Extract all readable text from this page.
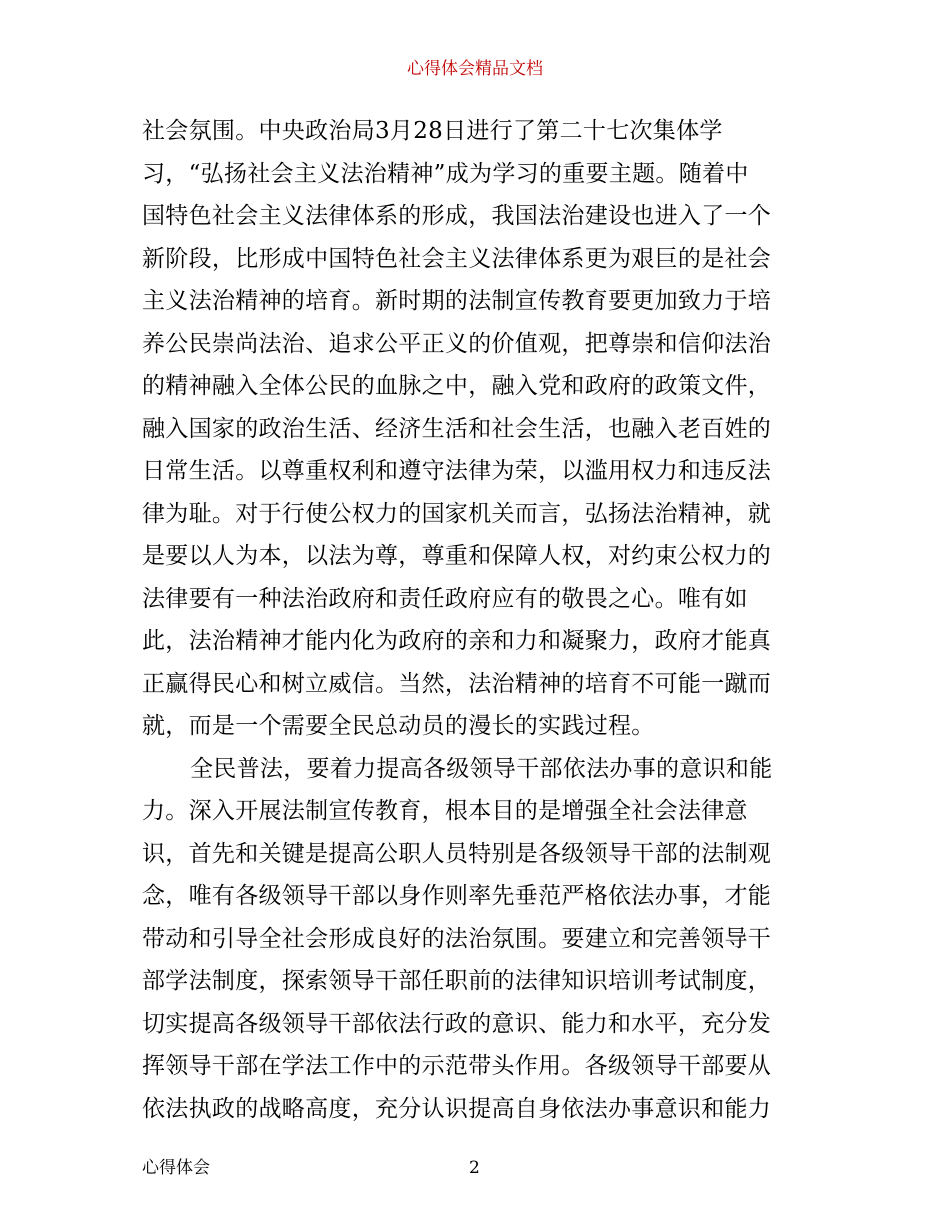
心得体会精品文档
社会氛围。中央政治局3月28日进行了第二十七次集体学
习，“弘扬社会主义法治精神”成为学习的重要主题。随着中
国特色社会主义法律体系的形成，我国法治建设也进入了一个
新阶段，比形成中国特色社会主义法律体系更为艰巨的是社会
主义法治精神的培育。新时期的法制宣传教育要更加致力于培
养公民崇尚法治、追求公平正义的价值观，把尊崇和信仰法治
的精神融入全体公民的血脉之中，融入党和政府的政策文件，
融入国家的政治生活、经济生活和社会生活，也融入老百姓的
日常生活。以尊重权利和遵守法律为荣，以滥用权力和违反法
律为耻。对于行使公权力的国家机关而言，弘扬法治精神，就
是要以人为本，以法为尊，尊重和保障人权，对约束公权力的
法律要有一种法治政府和责任政府应有的敬畏之心。唯有如
此，法治精神才能内化为政府的亲和力和凝聚力，政府才能真
正赢得民心和树立威信。当然，法治精神的培育不可能一蹴而
就，而是一个需要全民总动员的漫长的实践过程。
全民普法，要着力提高各级领导干部依法办事的意识和能
力。深入开展法制宣传教育，根本目的是增强全社会法律意
识，首先和关键是提高公职人员特别是各级领导干部的法制观
念，唯有各级领导干部以身作则率先垂范严格依法办事，才能
带动和引导全社会形成良好的法治氛围。要建立和完善领导干
部学法制度，探索领导干部任职前的法律知识培训考试制度，
切实提高各级领导干部依法行政的意识、能力和水平，充分发
挥领导干部在学法工作中的示范带头作用。各级领导干部要从
依法执政的战略高度，充分认识提高自身依法办事意识和能力
心得体会	2
